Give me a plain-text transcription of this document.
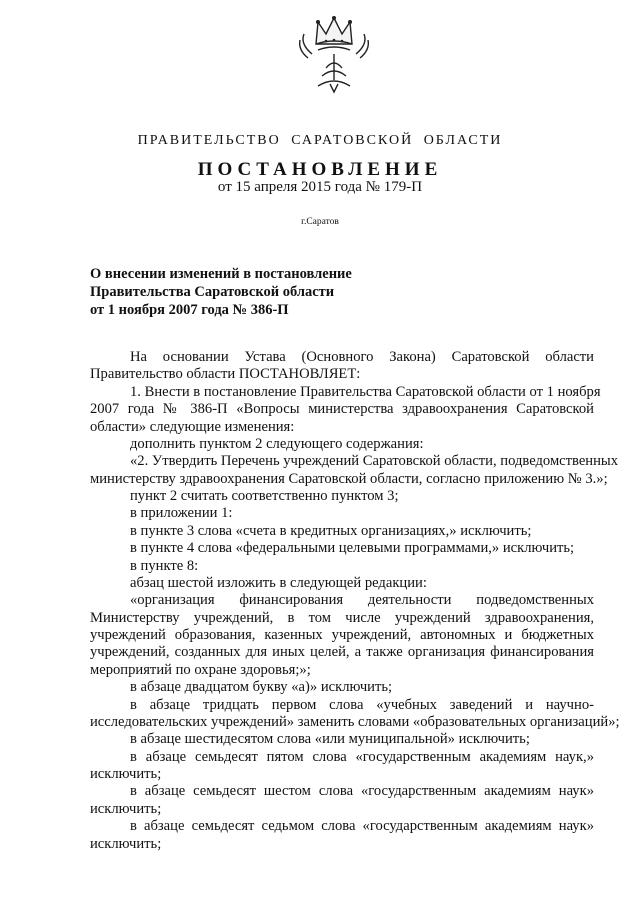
ПРАВИТЕЛЬСТВО САРАТОВСКОЙ ОБЛАСТИ
ПОСТАНОВЛЕНИЕ
от 15 апреля 2015 года № 179-П
г.Саратов
О внесении изменений в постановление
Правительства Саратовской области
от 1 ноября 2007 года № 386-П
На основании Устава (Основного Закона) Саратовской области
Правительство области ПОСТАНОВЛЯЕТ:
1. Внести в постановление Правительства Саратовской области от 1 ноября
2007 года № 386-П «Вопросы министерства здравоохранения Саратовской
области» следующие изменения:
дополнить пунктом 2 следующего содержания:
«2. Утвердить Перечень учреждений Саратовской области, подведомственных
министерству здравоохранения Саратовской области, согласно приложению № 3.»;
пункт 2 считать соответственно пунктом 3;
в приложении 1:
в пункте 3 слова «счета в кредитных организациях,» исключить;
в пункте 4 слова «федеральными целевыми программами,» исключить;
в пункте 8:
абзац шестой изложить в следующей редакции:
«организация финансирования деятельности подведомственных
Министерству учреждений, в том числе учреждений здравоохранения,
учреждений образования, казенных учреждений, автономных и бюджетных
учреждений, созданных для иных целей, а также организация финансирования
мероприятий по охране здоровья;»;
в абзаце двадцатом букву «а)» исключить;
в абзаце тридцать первом слова «учебных заведений и научно-
исследовательских учреждений» заменить словами «образовательных организаций»;
в абзаце шестидесятом слова «или муниципальной» исключить;
в абзаце семьдесят пятом слова «государственным академиям наук,»
исключить;
в абзаце семьдесят шестом слова «государственным академиям наук»
исключить;
в абзаце семьдесят седьмом слова «государственным академиям наук»
исключить;
